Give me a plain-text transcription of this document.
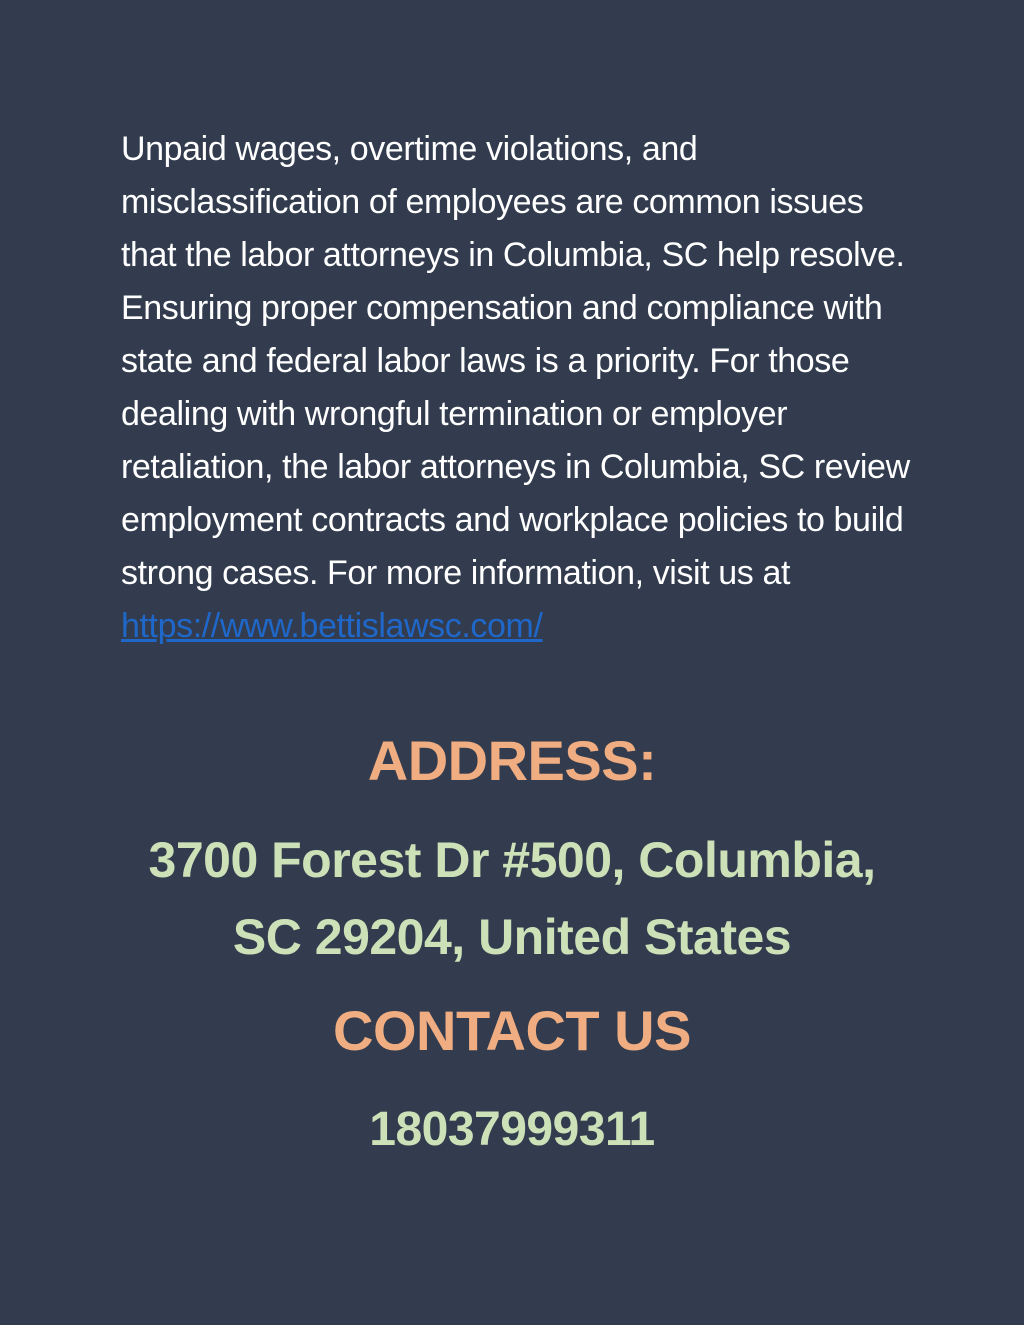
Unpaid wages, overtime violations, and misclassification of employees are common issues that the labor attorneys in Columbia, SC help resolve. Ensuring proper compensation and compliance with state and federal labor laws is a priority. For those dealing with wrongful termination or employer retaliation, the labor attorneys in Columbia, SC review employment contracts and workplace policies to build strong cases. For more information, visit us at https://www.bettislawsc.com/

ADDRESS:
3700 Forest Dr #500, Columbia,
SC 29204, United States
CONTACT US
18037999311
